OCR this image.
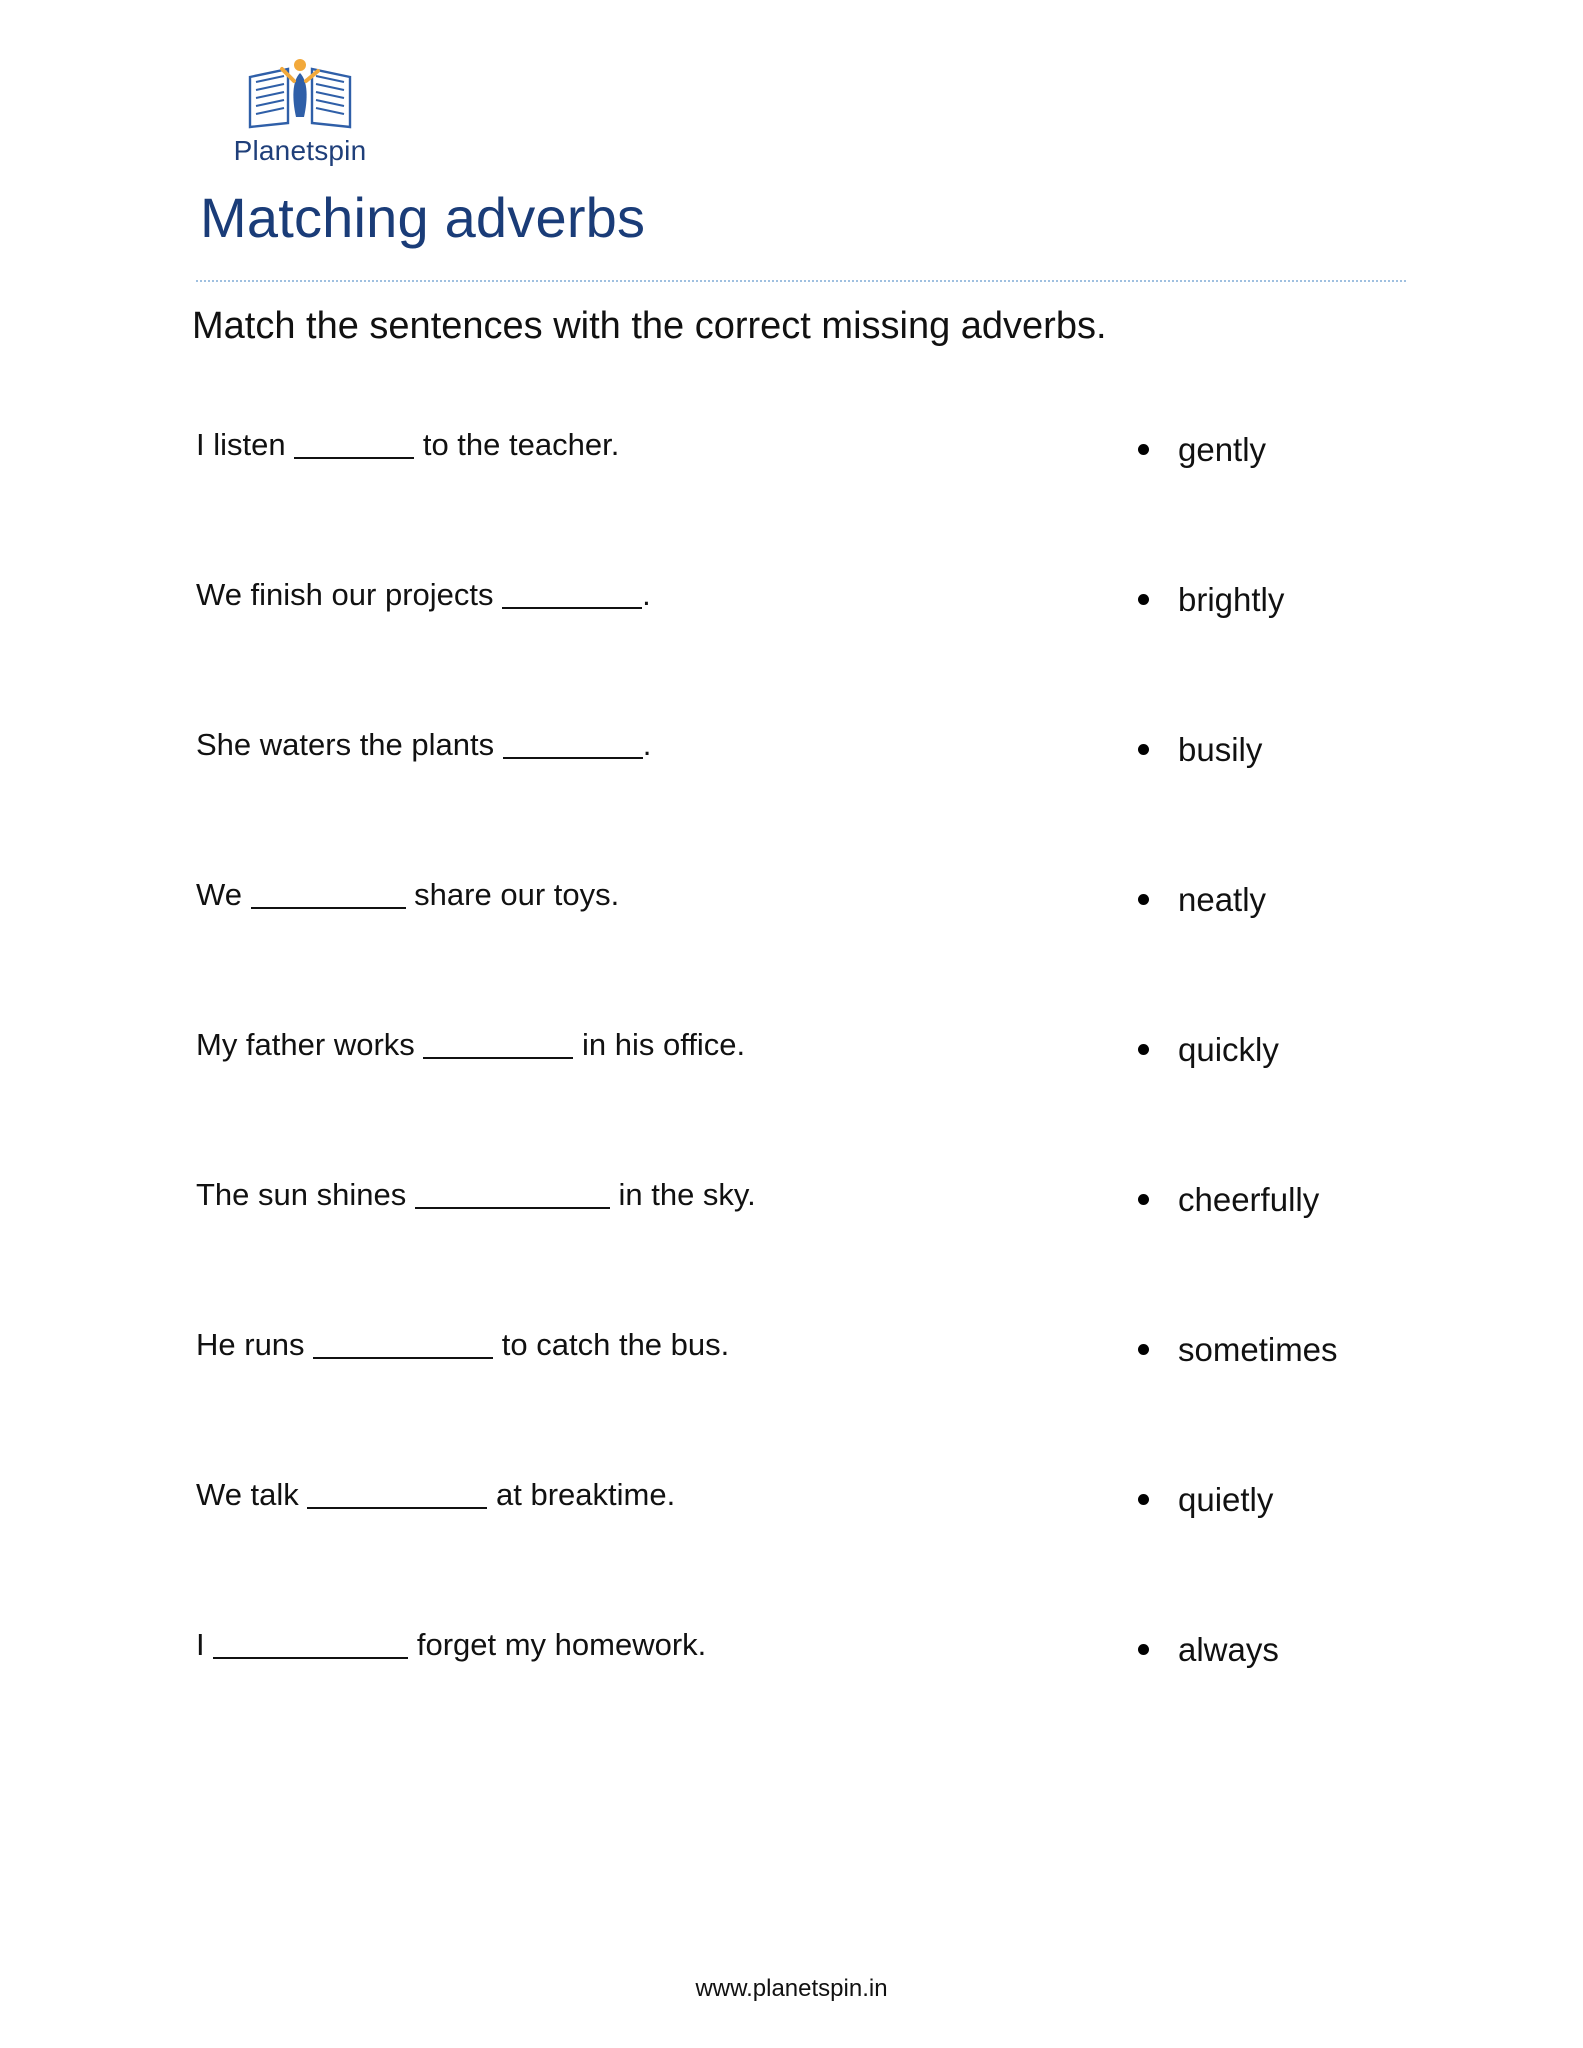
Planetspin
Matching adverbs
Match the sentences with the correct missing adverbs.
I listen	to the teacher.
We finish our projects	.
She waters the plants	.
We	share our toys.
My father works	in his office.
The sun shines	in the sky.
He runs	to catch the bus.
We talk	at breaktime.
I	forget my homework.
gently
brightly
busily
neatly
quickly
cheerfully
sometimes
quietly
always
www.planetspin.in
